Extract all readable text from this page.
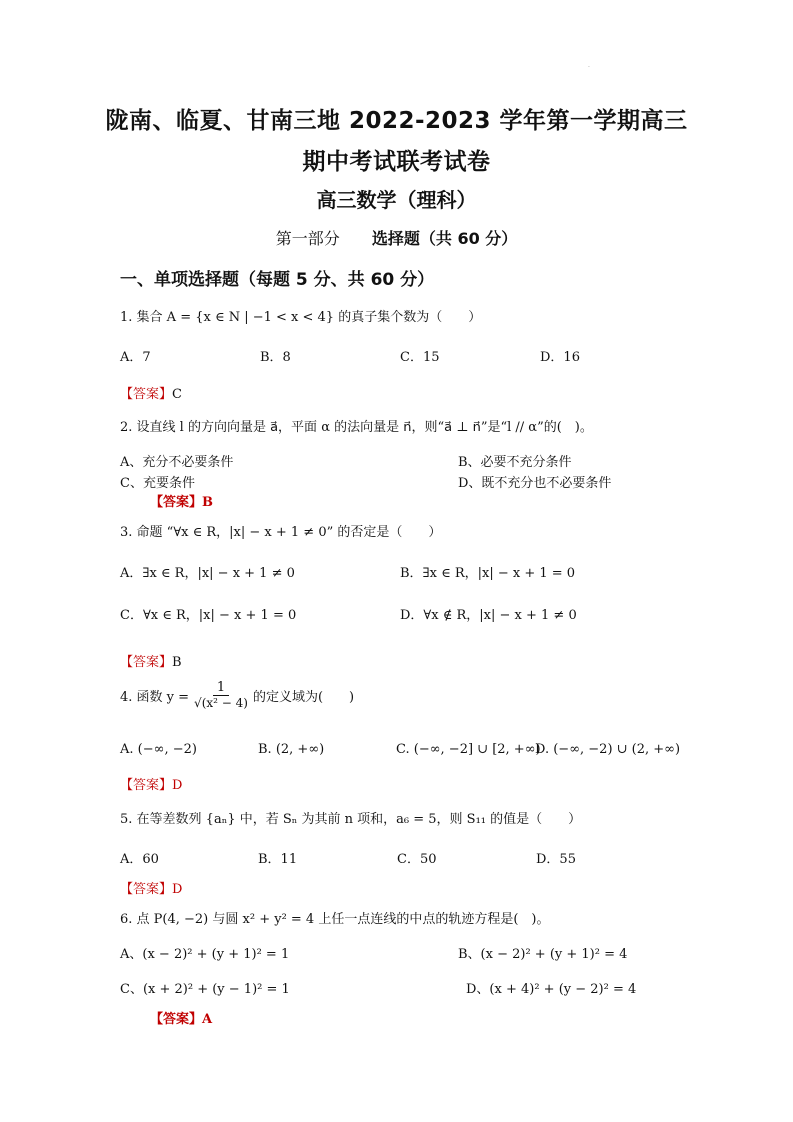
.
陇南、临夏、甘南三地 2022-2023 学年第一学期高三
期中考试联考试卷
高三数学（理科）
第一部分 选择题（共 60 分）
一、单项选择题（每题 5 分、共 60 分）
1. 集合 A = {x ∈ N | −1 < x < 4} 的真子集个数为（　　）
A．7	B．8	C．15	D．16
【答案】C
2. 设直线 l 的方向向量是 a⃗，平面 α 的法向量是 n⃗，则“a⃗ ⊥ n⃗”是“l // α”的(　)。
A、充分不必要条件	B、必要不充分条件
C、充要条件	D、既不充分也不必要条件
【答案】B
3. 命题 “∀x ∈ R，|x| − x + 1 ≠ 0” 的否定是（　　）
A．∃x ∈ R，|x| − x + 1 ≠ 0	B．∃x ∈ R，|x| − x + 1 = 0
C．∀x ∈ R，|x| − x + 1 = 0	D．∀x ∉ R，|x| − x + 1 ≠ 0
【答案】B
4. 函数 $y = \frac{1}{\text{√(x² − 4)}}$ 的定义域为(　　)
A. (−∞, −2)	B. (2, +∞)	C. (−∞, −2] ∪ [2, +∞)
D. (−∞, −2) ∪ (2, +∞)
【答案】D
5. 在等差数列 {aₙ} 中，若 Sₙ 为其前 n 项和，a₆ = 5，则 S₁₁ 的值是（　　）
A．60	B．11	C．50	D．55
【答案】D
6. 点 P(4, −2) 与圆 x² + y² = 4 上任一点连线的中点的轨迹方程是(　)。
A、(x − 2)² + (y + 1)² = 1	B、(x − 2)² + (y + 1)² = 4
C、(x + 2)² + (y − 1)² = 1	D、(x + 4)² + (y − 2)² = 4
【答案】A
